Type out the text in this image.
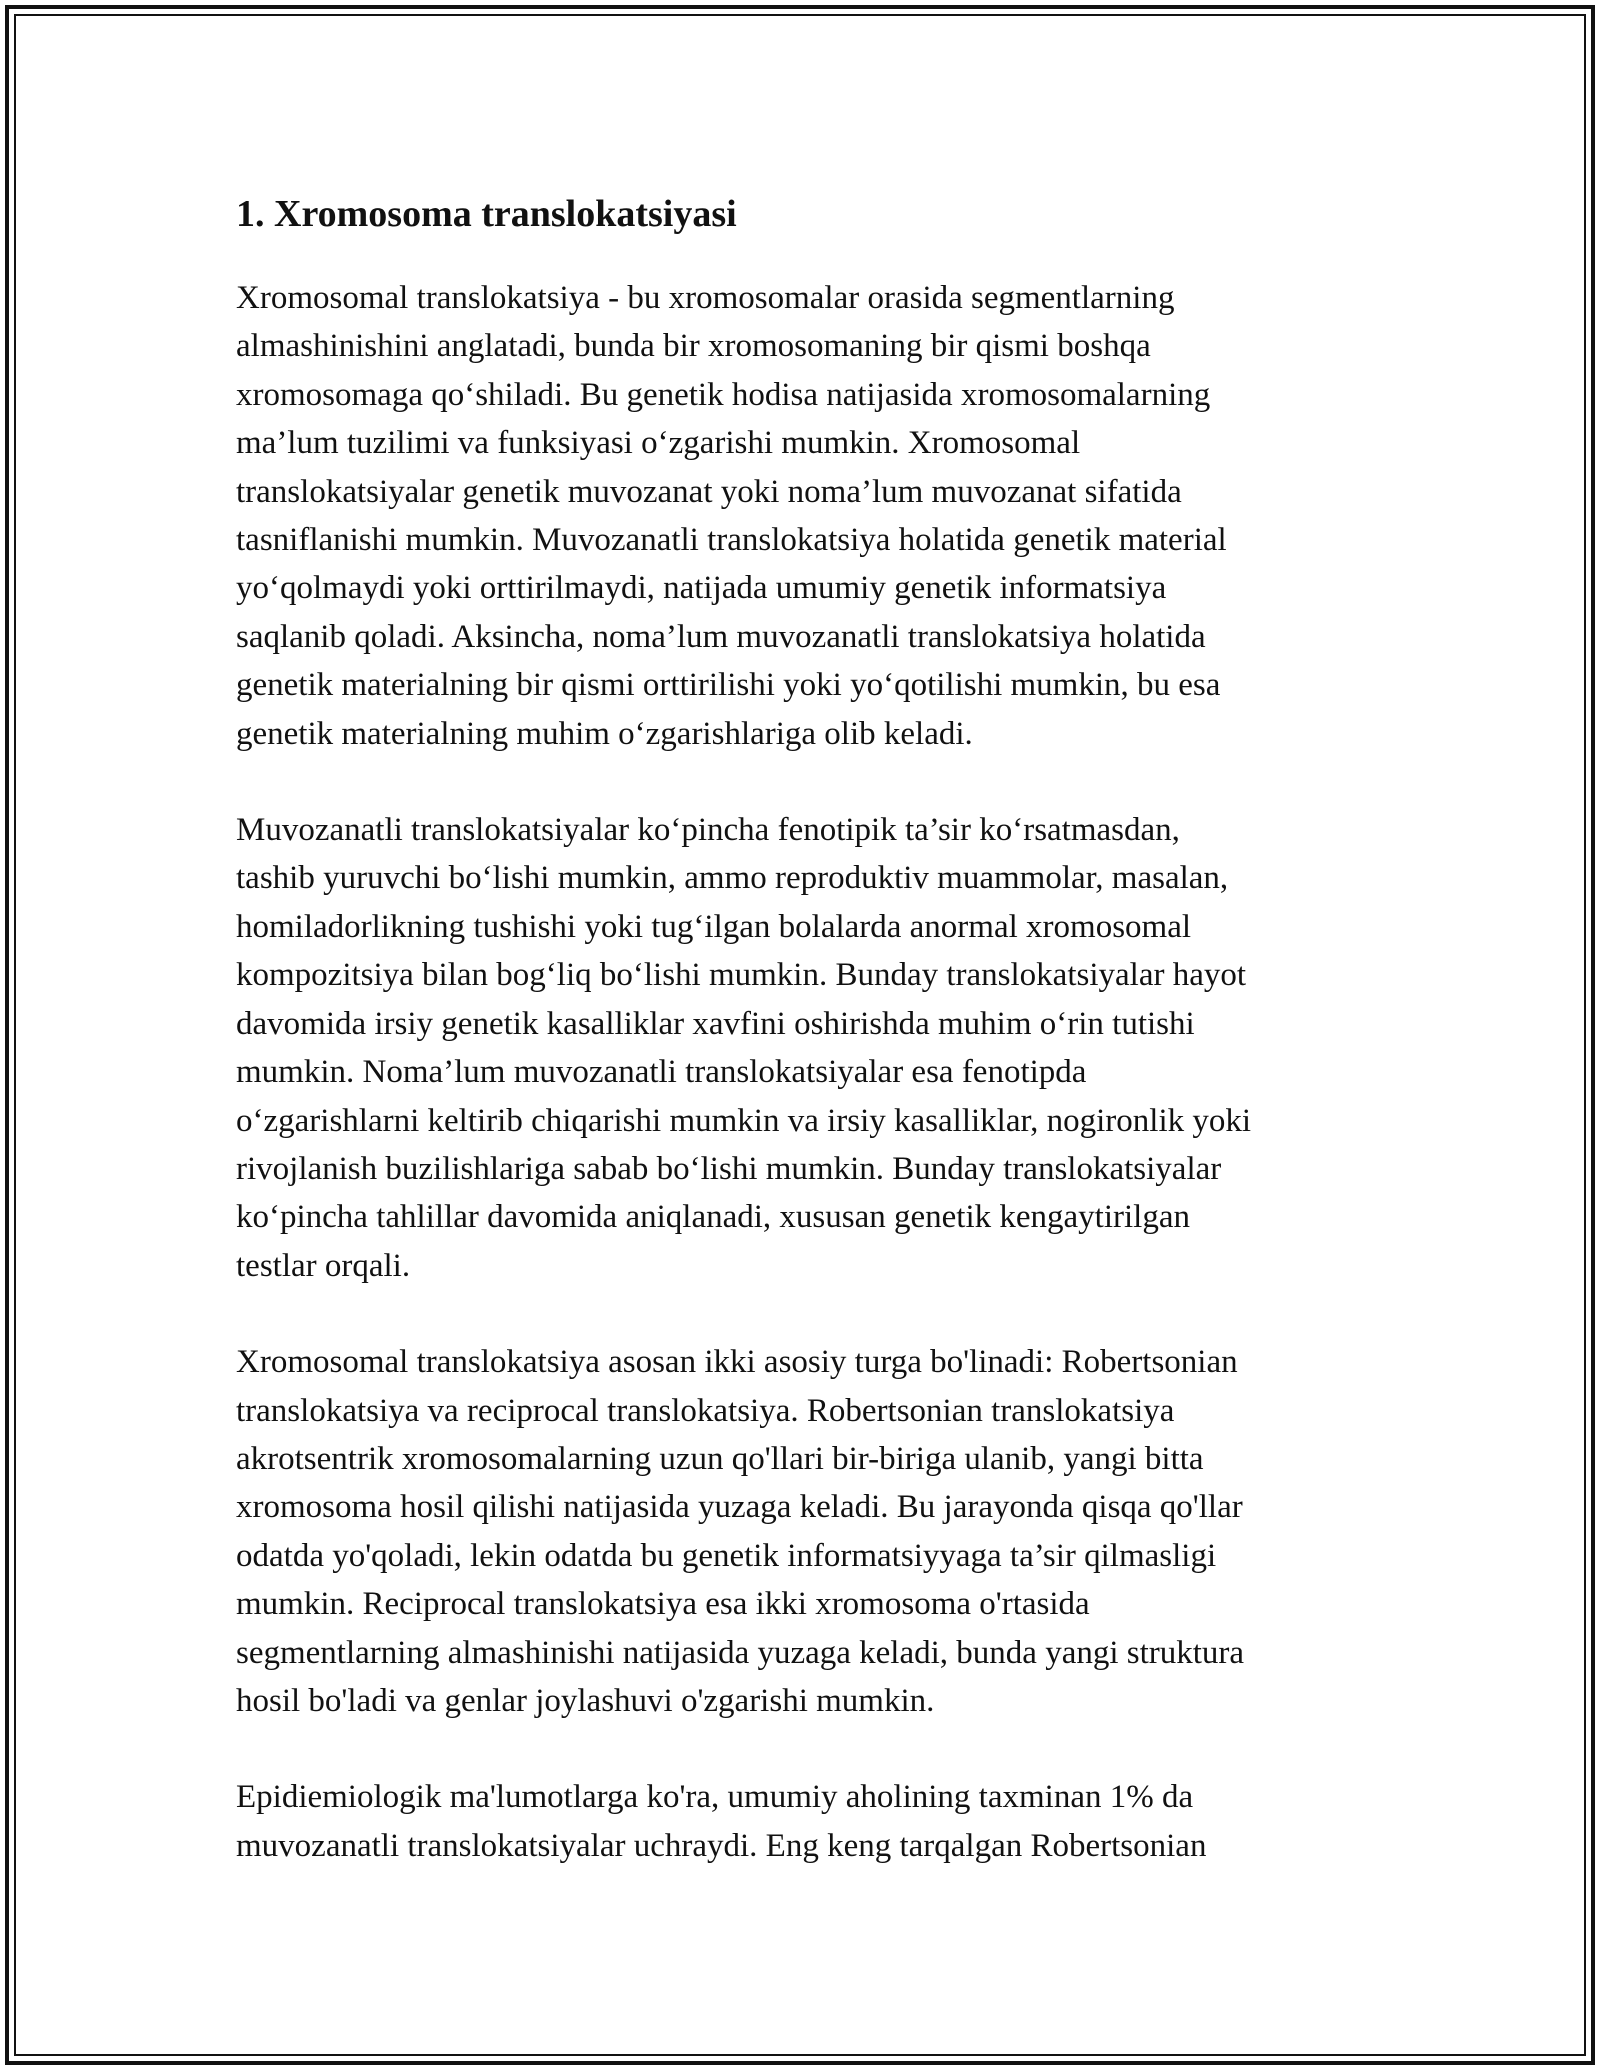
1. Xromosoma translokatsiyasi

Xromosomal translokatsiya - bu xromosomalar orasida segmentlarning
almashinishini anglatadi, bunda bir xromosomaning bir qismi boshqa
xromosomaga qo‘shiladi. Bu genetik hodisa natijasida xromosomalarning
ma’lum tuzilimi va funksiyasi o‘zgarishi mumkin. Xromosomal
translokatsiyalar genetik muvozanat yoki noma’lum muvozanat sifatida
tasniflanishi mumkin. Muvozanatli translokatsiya holatida genetik material
yo‘qolmaydi yoki orttirilmaydi, natijada umumiy genetik informatsiya
saqlanib qoladi. Aksincha, noma’lum muvozanatli translokatsiya holatida
genetik materialning bir qismi orttirilishi yoki yo‘qotilishi mumkin, bu esa
genetik materialning muhim o‘zgarishlariga olib keladi.

Muvozanatli translokatsiyalar ko‘pincha fenotipik ta’sir ko‘rsatmasdan,
tashib yuruvchi bo‘lishi mumkin, ammo reproduktiv muammolar, masalan,
homiladorlikning tushishi yoki tug‘ilgan bolalarda anormal xromosomal
kompozitsiya bilan bog‘liq bo‘lishi mumkin. Bunday translokatsiyalar hayot
davomida irsiy genetik kasalliklar xavfini oshirishda muhim o‘rin tutishi
mumkin. Noma’lum muvozanatli translokatsiyalar esa fenotipda
o‘zgarishlarni keltirib chiqarishi mumkin va irsiy kasalliklar, nogironlik yoki
rivojlanish buzilishlariga sabab bo‘lishi mumkin. Bunday translokatsiyalar
ko‘pincha tahlillar davomida aniqlanadi, xususan genetik kengaytirilgan
testlar orqali.

Xromosomal translokatsiya asosan ikki asosiy turga bo'linadi: Robertsonian
translokatsiya va reciprocal translokatsiya. Robertsonian translokatsiya
akrotsentrik xromosomalarning uzun qo'llari bir-biriga ulanib, yangi bitta
xromosoma hosil qilishi natijasida yuzaga keladi. Bu jarayonda qisqa qo'llar
odatda yo'qoladi, lekin odatda bu genetik informatsiyyaga ta’sir qilmasligi
mumkin. Reciprocal translokatsiya esa ikki xromosoma o'rtasida
segmentlarning almashinishi natijasida yuzaga keladi, bunda yangi struktura
hosil bo'ladi va genlar joylashuvi o'zgarishi mumkin.

Epidiemiologik ma'lumotlarga ko'ra, umumiy aholining taxminan 1% da
muvozanatli translokatsiyalar uchraydi. Eng keng tarqalgan Robertsonian
